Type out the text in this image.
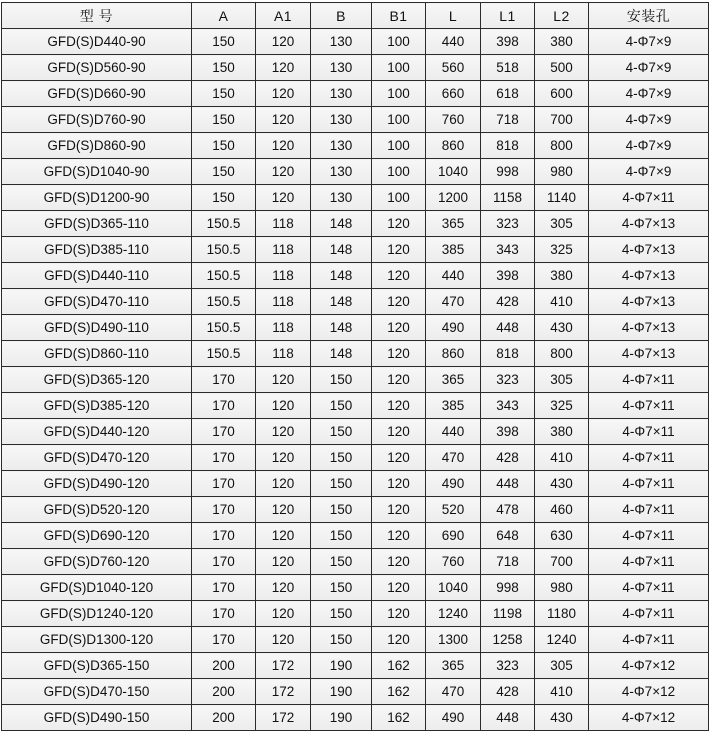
型 号	A	A1	B	B1	L	L1	L2	安装孔
GFD(S)D440-90	150	120	130	100	440	398	380	4-Φ7×9
GFD(S)D560-90	150	120	130	100	560	518	500	4-Φ7×9
GFD(S)D660-90	150	120	130	100	660	618	600	4-Φ7×9
GFD(S)D760-90	150	120	130	100	760	718	700	4-Φ7×9
GFD(S)D860-90	150	120	130	100	860	818	800	4-Φ7×9
GFD(S)D1040-90	150	120	130	100	1040	998	980	4-Φ7×9
GFD(S)D1200-90	150	120	130	100	1200	1158	1140	4-Φ7×11
GFD(S)D365-110	150.5	118	148	120	365	323	305	4-Φ7×13
GFD(S)D385-110	150.5	118	148	120	385	343	325	4-Φ7×13
GFD(S)D440-110	150.5	118	148	120	440	398	380	4-Φ7×13
GFD(S)D470-110	150.5	118	148	120	470	428	410	4-Φ7×13
GFD(S)D490-110	150.5	118	148	120	490	448	430	4-Φ7×13
GFD(S)D860-110	150.5	118	148	120	860	818	800	4-Φ7×13
GFD(S)D365-120	170	120	150	120	365	323	305	4-Φ7×11
GFD(S)D385-120	170	120	150	120	385	343	325	4-Φ7×11
GFD(S)D440-120	170	120	150	120	440	398	380	4-Φ7×11
GFD(S)D470-120	170	120	150	120	470	428	410	4-Φ7×11
GFD(S)D490-120	170	120	150	120	490	448	430	4-Φ7×11
GFD(S)D520-120	170	120	150	120	520	478	460	4-Φ7×11
GFD(S)D690-120	170	120	150	120	690	648	630	4-Φ7×11
GFD(S)D760-120	170	120	150	120	760	718	700	4-Φ7×11
GFD(S)D1040-120	170	120	150	120	1040	998	980	4-Φ7×11
GFD(S)D1240-120	170	120	150	120	1240	1198	1180	4-Φ7×11
GFD(S)D1300-120	170	120	150	120	1300	1258	1240	4-Φ7×11
GFD(S)D365-150	200	172	190	162	365	323	305	4-Φ7×12
GFD(S)D470-150	200	172	190	162	470	428	410	4-Φ7×12
GFD(S)D490-150	200	172	190	162	490	448	430	4-Φ7×12
